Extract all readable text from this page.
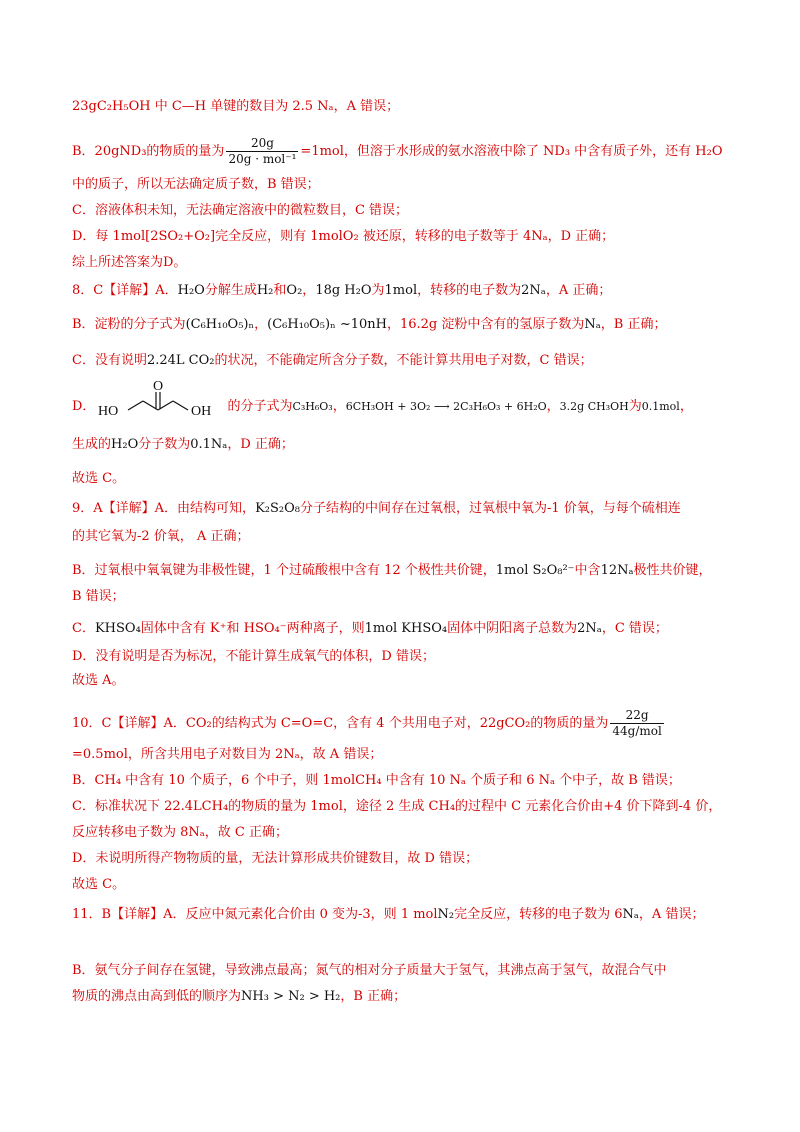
23gC₂H₅OH 中 C—H 单键的数目为 2.5 Nₐ，A 错误；
B．20gND₃的物质的量为 $\frac{20g}{\text{20g · mol⁻¹}} =1mol$，但溶于水形成的氨水溶液中除了 ND₃ 中含有质子外，还有 H₂O
中的质子，所以无法确定质子数，B 错误；
C．溶液体积未知，无法确定溶液中的微粒数目，C 错误；
D．每 1mol[2SO₂+O₂]完全反应，则有 1molO₂ 被还原，转移的电子数等于 4Nₐ，D 正确；
综上所述答案为D。
8．C【详解】A．H₂O分解生成H₂和O₂，18g H₂O为1mol，转移的电子数为2Nₐ，A 正确；
B．淀粉的分子式为(C₆H₁₀O₅)ₙ，(C₆H₁₀O₅)ₙ ~10nH，16.2g 淀粉中含有的氢原子数为Nₐ，B 正确；
C．没有说明2.24L CO₂的状况，不能确定所含分子数，不能计算共用电子对数，C 错误；
HO
O
OH
D．	的分子式为C₃H₆O₃，6CH₃OH + 3O₂ ⟶ 2C₃H₆O₃ + 6H₂O，3.2g CH₃OH为0.1mol，
生成的H₂O分子数为0.1Nₐ，D 正确；
故选 C。
9．A【详解】A．由结构可知，K₂S₂O₈分子结构的中间存在过氧根，过氧根中氧为-1 价氧，与每个硫相连
的其它氧为-2 价氧， A 正确；
B．过氧根中氧氧键为非极性键，1 个过硫酸根中含有 12 个极性共价键，1mol S₂O₈²⁻中含12Nₐ极性共价键，
B 错误；
C．KHSO₄固体中含有 K⁺和 HSO₄⁻两种离子，则1mol KHSO₄固体中阴阳离子总数为2Nₐ，C 错误；
D．没有说明是否为标况，不能计算生成氧气的体积，D 错误；
故选 A。
10．C【详解】A．CO₂的结构式为 C=O=C，含有 4 个共用电子对，22gCO₂的物质的量为 $\frac{22g}{\text{44g/mol}}$
=0.5mol，所含共用电子对数目为 2Nₐ，故 A 错误；
B．CH₄ 中含有 10 个质子，6 个中子，则 1molCH₄ 中含有 10 Nₐ 个质子和 6 Nₐ 个中子，故 B 错误；
C．标准状况下 22.4LCH₄的物质的量为 1mol，途径 2 生成 CH₄的过程中 C 元素化合价由+4 价下降到-4 价，
反应转移电子数为 8Nₐ，故 C 正确；
D．未说明所得产物物质的量，无法计算形成共价键数目，故 D 错误；
故选 C。
11．B【详解】A．反应中氮元素化合价由 0 变为-3，则 1 molN₂完全反应，转移的电子数为 6Nₐ，A 错误；
B．氨气分子间存在氢键，导致沸点最高；氮气的相对分子质量大于氢气，其沸点高于氢气，故混合气中
物质的沸点由高到低的顺序为NH₃ > N₂ > H₂，B 正确；
